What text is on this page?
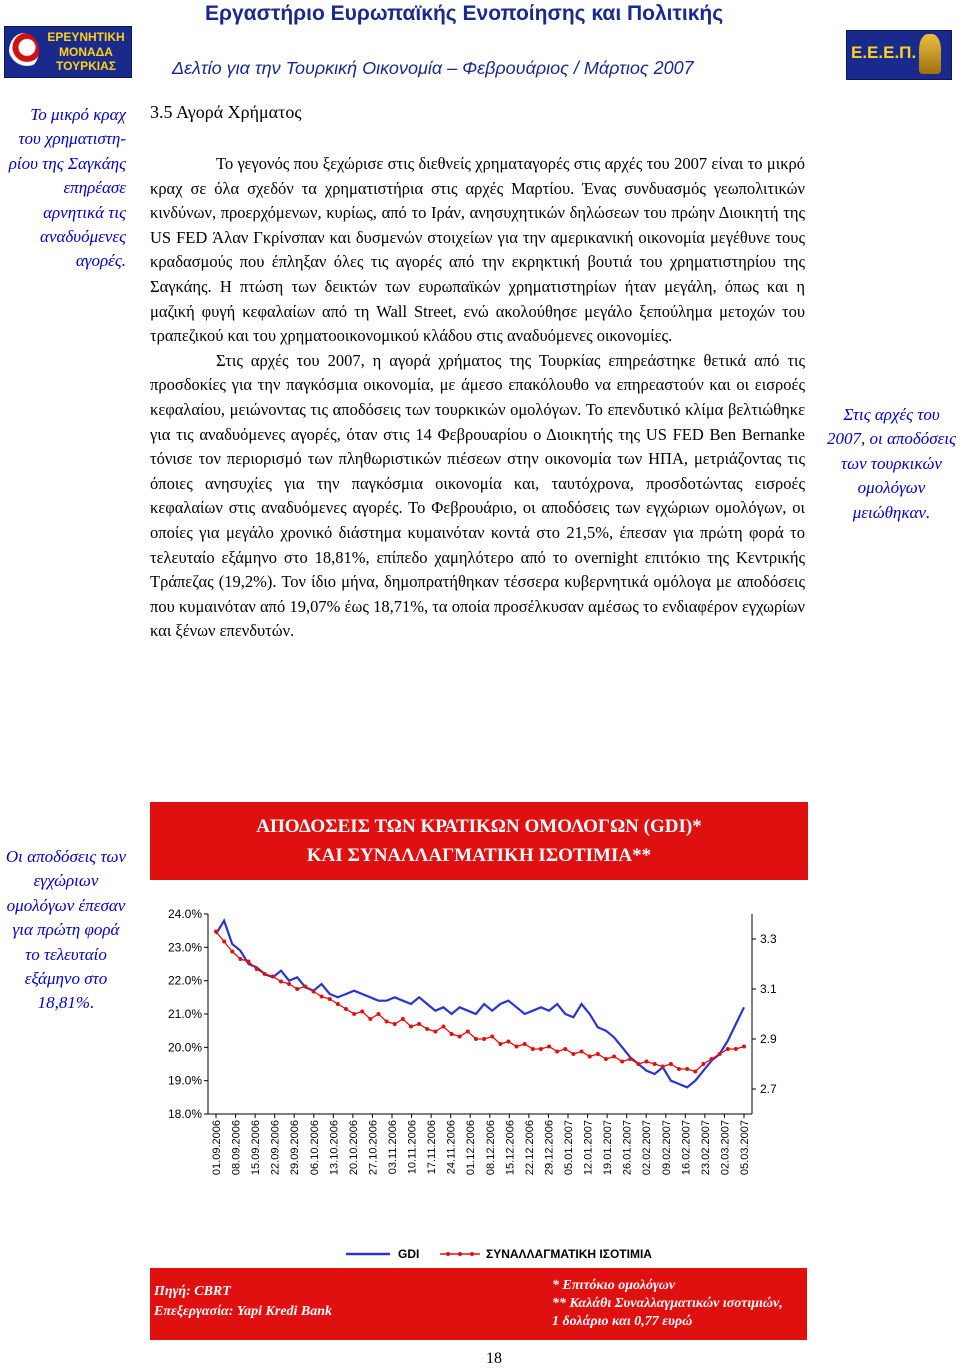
ΕΡΕΥΝΗΤΙΚΗ
ΜΟΝΑΔΑ
ΤΟΥΡΚΙΑΣ
Εργαστήριο Ευρωπαϊκής Ενοποίησης και Πολιτικής
Δελτίο για την Τουρκική Οικονομία – Φεβρουάριος / Μάρτιος 2007
Ε.Ε.Ε.Π.
3.5 Αγορά Χρήματος

Το γεγονός που ξεχώρισε στις διεθνείς χρηματαγορές στις αρχές του 2007 είναι το μικρό κραχ σε όλα σχεδόν τα χρηματιστήρια στις αρχές Μαρτίου. Ένας συνδυασμός γεωπολιτικών κινδύνων, προερχόμενων, κυρίως, από το Ιράν, ανησυχητικών δηλώσεων του πρώην Διοικητή της US FED Άλαν Γκρίνσπαν και δυσμενών στοιχείων για την αμερικανική οικονομία μεγέθυνε τους κραδασμούς που έπληξαν όλες τις αγορές από την εκρηκτική βουτιά του χρηματιστηρίου της Σαγκάης. Η πτώση των δεικτών των ευρωπαϊκών χρηματιστηρίων ήταν μεγάλη, όπως και η μαζική φυγή κεφαλαίων από τη Wall Street, ενώ ακολούθησε μεγάλο ξεπούλημα μετοχών του τραπεζικού και του χρηματοοικονομικού κλάδου στις αναδυόμενες οικονομίες.

Στις αρχές του 2007, η αγορά χρήματος της Τουρκίας επηρεάστηκε θετικά από τις προσδοκίες για την παγκόσμια οικονομία, με άμεσο επακόλουθο να επηρεαστούν και οι εισροές κεφαλαίου, μειώνοντας τις αποδόσεις των τουρκικών ομολόγων. Το επενδυτικό κλίμα βελτιώθηκε για τις αναδυόμενες αγορές, όταν στις 14 Φεβρουαρίου ο Διοικητής της US FED Ben Bernanke τόνισε τον περιορισμό των πληθωριστικών πιέσεων στην οικονομία των ΗΠΑ, μετριάζοντας τις όποιες ανησυχίες για την παγκόσμια οικονομία και, ταυτόχρονα, προσδοτώντας εισροές κεφαλαίων στις αναδυόμενες αγορές. Το Φεβρουάριο, οι αποδόσεις των εγχώριων ομολόγων, οι οποίες για μεγάλο χρονικό διάστημα κυμαινόταν κοντά στο 21,5%, έπεσαν για πρώτη φορά το τελευταίο εξάμηνο στο 18,81%, επίπεδο χαμηλότερο από το overnight επιτόκιο της Κεντρικής Τράπεζας (19,2%). Τον ίδιο μήνα, δημοπρατήθηκαν τέσσερα κυβερνητικά ομόλογα με αποδόσεις που κυμαινόταν από 19,07% έως 18,71%, τα οποία προσέλκυσαν αμέσως το ενδιαφέρον εγχωρίων και ξένων επενδυτών.

Το μικρό κραχ του χρηματιστη-ρίου της Σαγκάης επηρέασε αρνητικά τις αναδυόμενες αγορές.
Στις αρχές του 2007, οι αποδόσεις των τουρκικών ομολόγων μειώθηκαν.
Οι αποδόσεις των εγχώριων ομολόγων έπεσαν για πρώτη φορά το τελευταίο εξάμηνο στο 18,81%.
ΑΠΟΔΟΣΕΙΣ ΤΩΝ ΚΡΑΤΙΚΩΝ ΟΜΟΛΟΓΩΝ (GDI)*
ΚΑΙ ΣΥΝΑΛΛΑΓΜΑΤΙΚΗ ΙΣΟΤΙΜΙΑ**
24.0%
23.0%
22.0%
21.0%
20.0%
19.0%
18.0%
3.3
3.1
2.9
2.7
01.09.2006 08.09.2006 15.09.2006 22.09.2006 29.09.2006 06.10.2006 13.10.2006 20.10.2006 27.10.2006 03.11.2006 10.11.2006 17.11.2006 24.11.2006 01.12.2006 08.12.2006 15.12.2006 22.12.2006 29.12.2006 05.01.2007 12.01.2007 19.01.2007 26.01.2007 02.02.2007 09.02.2007 16.02.2007 23.02.2007 02.03.2007 05.03.2007
GDI	ΣΥΝΑΛΛΑΓΜΑΤΙΚΗ ΙΣΟΤΙΜΙΑ
Πηγή: CBRT
Επεξεργασία: Yapi Kredi Bank
* Επιτόκιο ομολόγων
** Καλάθι Συναλλαγματικών ισοτιμιών,
1 δολάριο και 0,77 ευρώ
18
